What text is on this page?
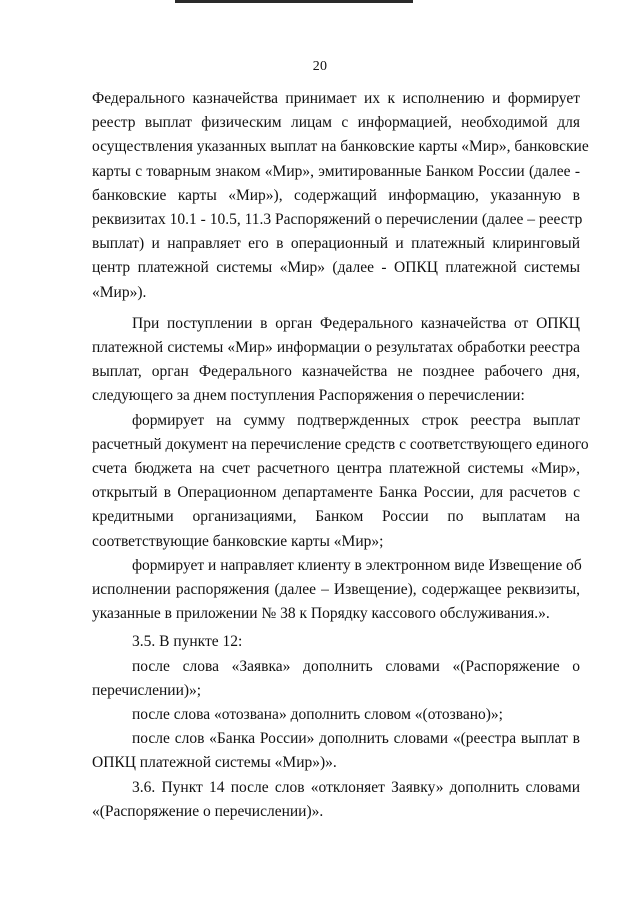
20
Федерального казначейства принимает их к исполнению и формирует
реестр выплат физическим лицам с информацией, необходимой для
осуществления указанных выплат на банковские карты «Мир», банковские
карты с товарным знаком «Мир», эмитированные Банком России (далее -
банковские карты «Мир»), содержащий информацию, указанную в
реквизитах 10.1 - 10.5, 11.3 Распоряжений о перечислении (далее – реестр
выплат) и направляет его в операционный и платежный клиринговый
центр платежной системы «Мир» (далее - ОПКЦ платежной системы
«Мир»).
При поступлении в орган Федерального казначейства от ОПКЦ
платежной системы «Мир» информации о результатах обработки реестра
выплат, орган Федерального казначейства не позднее рабочего дня,
следующего за днем поступления Распоряжения о перечислении:
формирует на сумму подтвержденных строк реестра выплат
расчетный документ на перечисление средств с соответствующего единого
счета бюджета на счет расчетного центра платежной системы «Мир»,
открытый в Операционном департаменте Банка России, для расчетов с
кредитными организациями, Банком России по выплатам на
соответствующие банковские карты «Мир»;
формирует и направляет клиенту в электронном виде Извещение об
исполнении распоряжения (далее – Извещение), содержащее реквизиты,
указанные в приложении № 38 к Порядку кассового обслуживания.».
3.5. В пункте 12:
после слова «Заявка» дополнить словами «(Распоряжение о
перечислении)»;
после слова «отозвана» дополнить словом «(отозвано)»;
после слов «Банка России» дополнить словами «(реестра выплат в
ОПКЦ платежной системы «Мир»)».
3.6. Пункт 14 после слов «отклоняет Заявку» дополнить словами
«(Распоряжение о перечислении)».
